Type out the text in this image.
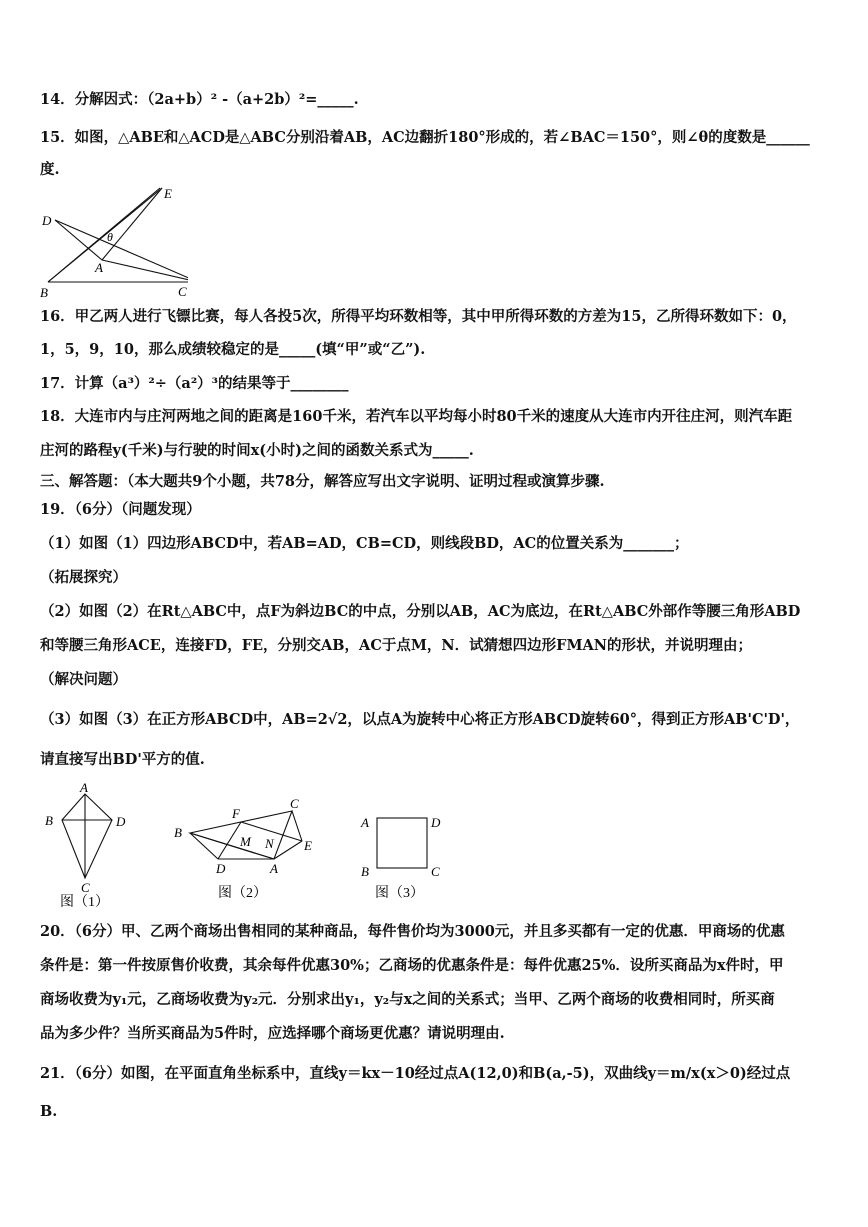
14．分解因式：（2a+b）² -（a+2b）²=_____.
15．如图，△ABE和△ACD是△ABC分别沿着AB，AC边翻折180°形成的，若∠BAC＝150°，则∠θ的度数是______
度.
D
E
θ
A
B	C
16．甲乙两人进行飞镖比赛，每人各投5次，所得平均环数相等，其中甲所得环数的方差为15，乙所得环数如下：0，
1，5，9，10，那么成绩较稳定的是_____(填“甲”或“乙”).
17．计算（a³）²÷（a²）³的结果等于________
18．大连市内与庄河两地之间的距离是160千米，若汽车以平均每小时80千米的速度从大连市内开往庄河，则汽车距
庄河的路程y(千米)与行驶的时间x(小时)之间的函数关系式为_____.
三、解答题：（本大题共9个小题，共78分，解答应写出文字说明、证明过程或演算步骤.
19．（6分）（问题发现）
（1）如图（1）四边形ABCD中，若AB=AD，CB=CD，则线段BD，AC的位置关系为_______；
（拓展探究）
（2）如图（2）在Rt△ABC中，点F为斜边BC的中点，分别以AB，AC为底边，在Rt△ABC外部作等腰三角形ABD
和等腰三角形ACE，连接FD，FE，分别交AB，AC于点M，N．试猜想四边形FMAN的形状，并说明理由；
（解决问题）
（3）如图（3）在正方形ABCD中，AB=2√2，以点A为旋转中心将正方形ABCD旋转60°，得到正方形AB'C'D'，
请直接写出BD'平方的值.
A
B	D
C
图（1）
F
C
B
M N E
D	A
图（2）
A	D
B	C
图（3）
20．（6分）甲、乙两个商场出售相同的某种商品，每件售价均为3000元，并且多买都有一定的优惠．甲商场的优惠
条件是：第一件按原售价收费，其余每件优惠30%；乙商场的优惠条件是：每件优惠25%．设所买商品为x件时，甲
商场收费为y₁元，乙商场收费为y₂元．分别求出y₁，y₂与x之间的关系式；当甲、乙两个商场的收费相同时，所买商
品为多少件？当所买商品为5件时，应选择哪个商场更优惠？请说明理由.
21．（6分）如图，在平面直角坐标系中，直线y＝kx－10经过点A(12,0)和B(a,-5)，双曲线y＝m/x(x＞0)经过点
B.
